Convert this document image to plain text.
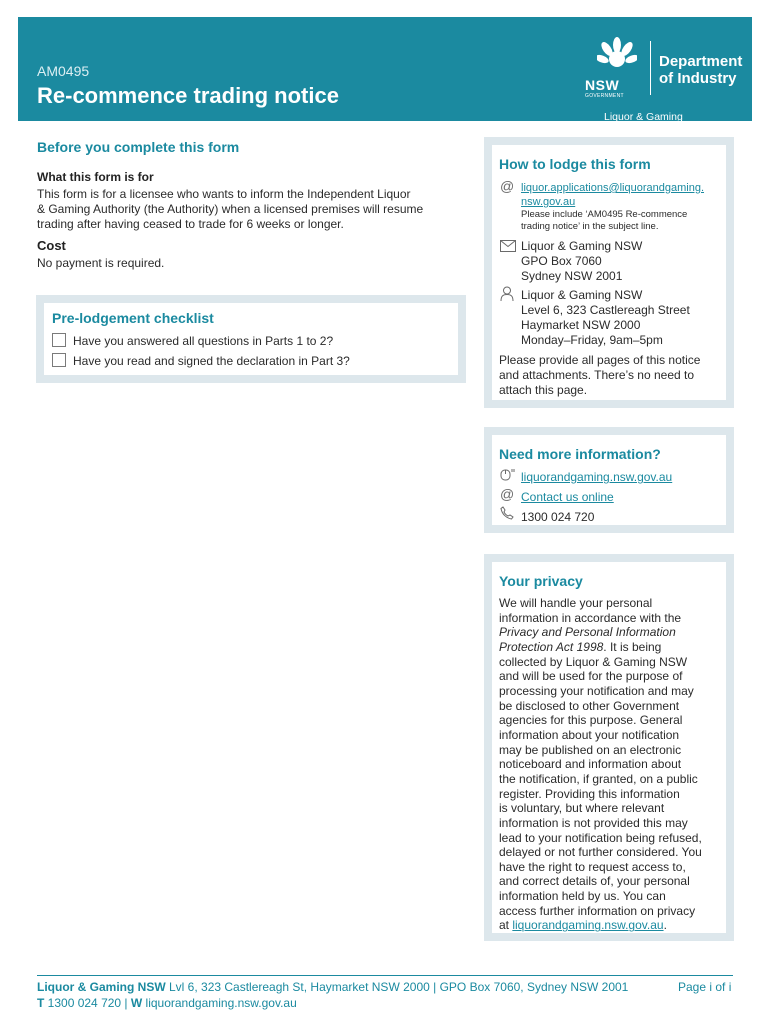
AM0495
Re-commence trading notice	NSW
GOVERNMENT
Department
of Industry
Liquor & Gaming
Before you complete this form
What this form is for
This form is for a licensee who wants to inform the Independent Liquor
& Gaming Authority (the Authority) when a licensed premises will resume
trading after having ceased to trade for 6 weeks or longer.
Cost
No payment is required.
Pre-lodgement checklist
Have you answered all questions in Parts 1 to 2?
Have you read and signed the declaration in Part 3?
How to lodge this form
@ liquor.applications@liquorandgaming.
nsw.gov.au
Please include ‘AM0495 Re-commence
trading notice’ in the subject line.
Liquor & Gaming NSW
GPO Box 7060
Sydney NSW 2001
Liquor & Gaming NSW
Level 6, 323 Castlereagh Street
Haymarket NSW 2000
Monday–Friday, 9am–5pm
Please provide all pages of this notice
and attachments. There’s no need to
attach this page.
Need more information?
liquorandgaming.nsw.gov.au
@ Contact us online
1300 024 720
Your privacy
We will handle your personal
information in accordance with the
Privacy and Personal Information
Protection Act 1998. It is being
collected by Liquor & Gaming NSW
and will be used for the purpose of
processing your notification and may
be disclosed to other Government
agencies for this purpose. General
information about your notification
may be published on an electronic
noticeboard and information about
the notification, if granted, on a public
register. Providing this information
is voluntary, but where relevant
information is not provided this may
lead to your notification being refused,
delayed or not further considered. You
have the right to request access to,
and correct details of, your personal
information held by us. You can
access further information on privacy
at liquorandgaming.nsw.gov.au.
Liquor & Gaming NSW Lvl 6, 323 Castlereagh St, Haymarket NSW 2000 | GPO Box 7060, Sydney NSW 2001	Page i of i
T 1300 024 720 | W liquorandgaming.nsw.gov.au
